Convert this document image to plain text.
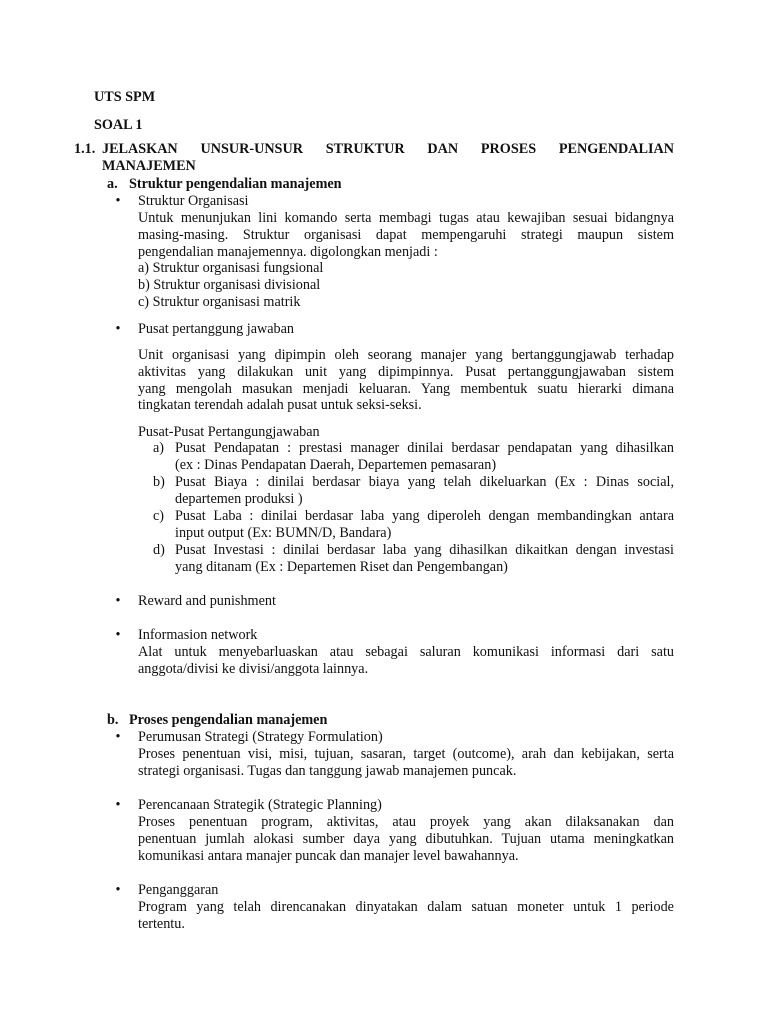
UTS SPM
SOAL 1
1.1. JELASKAN UNSUR-UNSUR STRUKTUR DAN PROSES PENGENDALIAN
MANAJEMEN
a. Struktur pengendalian manajemen
• Struktur Organisasi
Untuk menunjukan lini komando serta membagi tugas atau kewajiban sesuai bidangnya
masing-masing. Struktur organisasi dapat mempengaruhi strategi maupun sistem
pengendalian manajemennya. digolongkan menjadi :
a) Struktur organisasi fungsional
b) Struktur organisasi divisional
c) Struktur organisasi matrik
• Pusat pertanggung jawaban
Unit organisasi yang dipimpin oleh seorang manajer yang bertanggungjawab terhadap
aktivitas yang dilakukan unit yang dipimpinnya. Pusat pertanggungjawaban sistem
yang mengolah masukan menjadi keluaran. Yang membentuk suatu hierarki dimana
tingkatan terendah adalah pusat untuk seksi-seksi.
Pusat-Pusat Pertangungjawaban
a) Pusat Pendapatan : prestasi manager dinilai berdasar pendapatan yang dihasilkan
(ex : Dinas Pendapatan Daerah, Departemen pemasaran)
b) Pusat Biaya : dinilai berdasar biaya yang telah dikeluarkan (Ex : Dinas social,
departemen produksi )
c) Pusat Laba : dinilai berdasar laba yang diperoleh dengan membandingkan antara
input output (Ex: BUMN/D, Bandara)
d) Pusat Investasi : dinilai berdasar laba yang dihasilkan dikaitkan dengan investasi
yang ditanam (Ex : Departemen Riset dan Pengembangan)
• Reward and punishment
• Informasion network
Alat untuk menyebarluaskan atau sebagai saluran komunikasi informasi dari satu
anggota/divisi ke divisi/anggota lainnya.
b. Proses pengendalian manajemen
• Perumusan Strategi (Strategy Formulation)
Proses penentuan visi, misi, tujuan, sasaran, target (outcome), arah dan kebijakan, serta
strategi organisasi. Tugas dan tanggung jawab manajemen puncak.
• Perencanaan Strategik (Strategic Planning)
Proses penentuan program, aktivitas, atau proyek yang akan dilaksanakan dan
penentuan jumlah alokasi sumber daya yang dibutuhkan. Tujuan utama meningkatkan
komunikasi antara manajer puncak dan manajer level bawahannya.
• Penganggaran
Program yang telah direncanakan dinyatakan dalam satuan moneter untuk 1 periode
tertentu.
